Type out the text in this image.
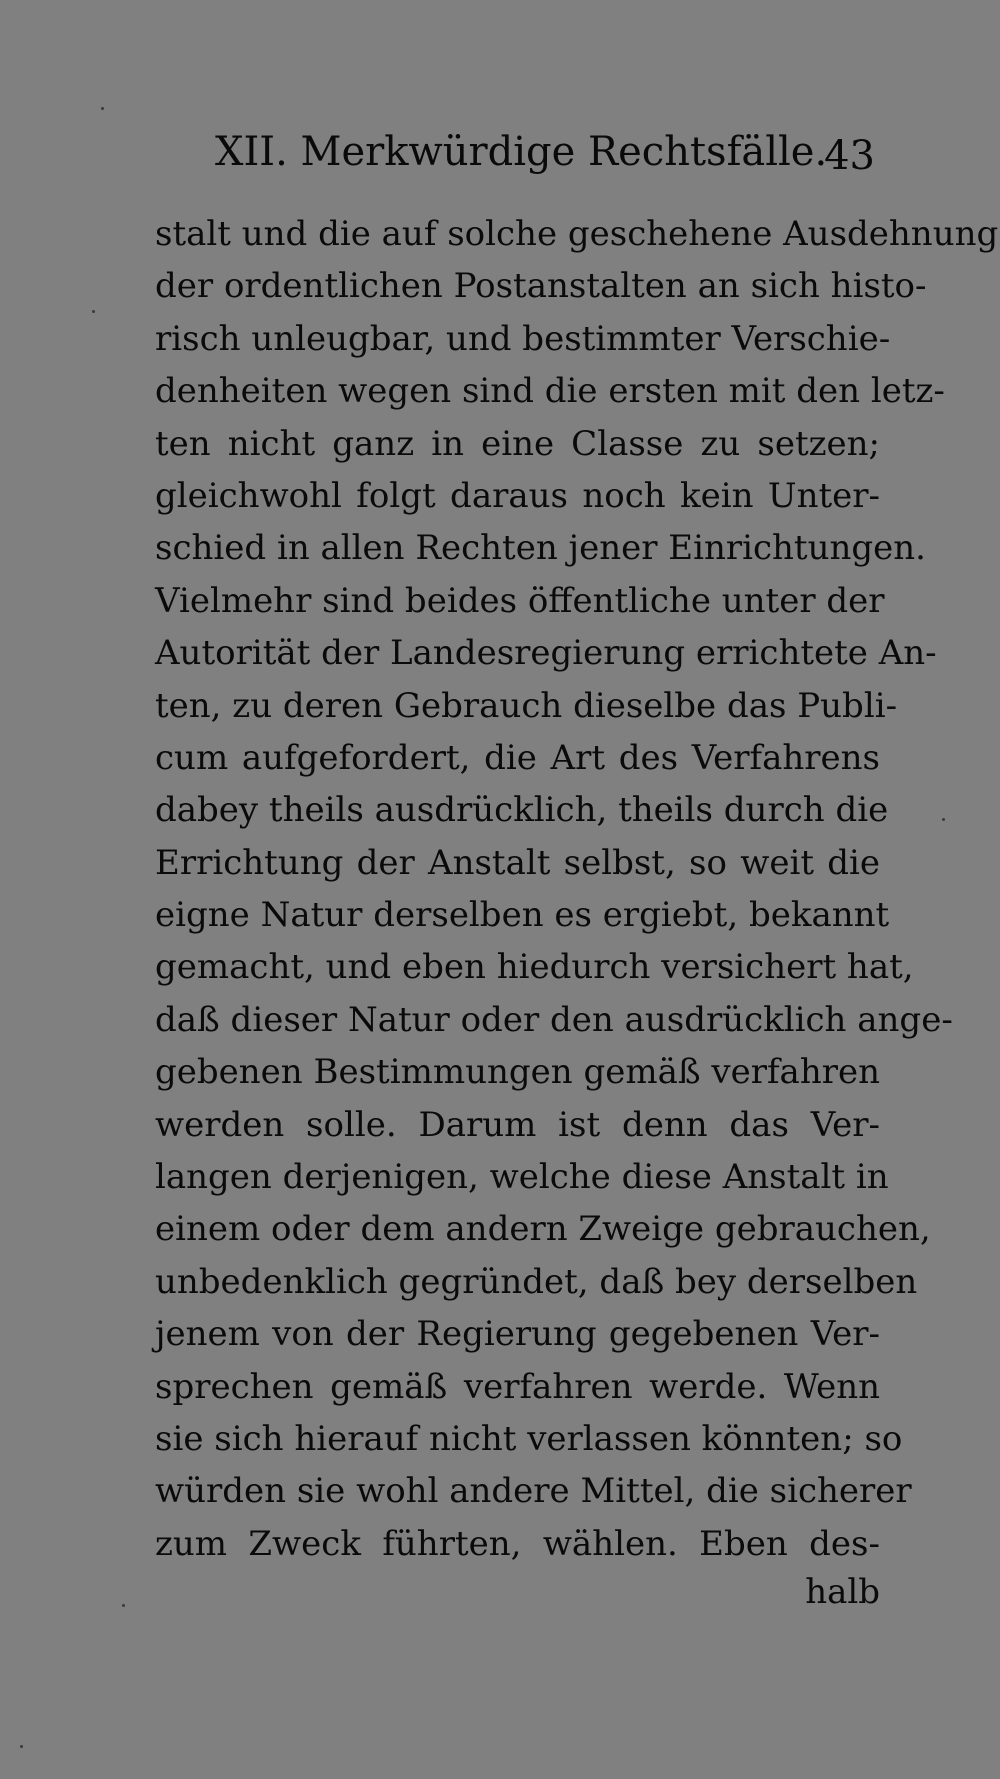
XII. Merkwürdige Rechtsfälle.
43
stalt und die auf solche geschehene Ausdehnung
der ordentlichen Postanstalten an sich histo-
risch unleugbar, und bestimmter Verschie-
denheiten wegen sind die ersten mit den letz-
ten nicht ganz in eine Classe zu setzen;
gleichwohl folgt daraus noch kein Unter-
schied in allen Rechten jener Einrichtungen.
Vielmehr sind beides öffentliche unter der
Autorität der Landesregierung errichtete An-
ten, zu deren Gebrauch dieselbe das Publi-
cum aufgefordert, die Art des Verfahrens
dabey theils ausdrücklich, theils durch die
Errichtung der Anstalt selbst, so weit die
eigne Natur derselben es ergiebt, bekannt
gemacht, und eben hiedurch versichert hat,
daß dieser Natur oder den ausdrücklich ange-
gebenen Bestimmungen gemäß verfahren
werden solle. Darum ist denn das Ver-
langen derjenigen, welche diese Anstalt in
einem oder dem andern Zweige gebrauchen,
unbedenklich gegründet, daß bey derselben
jenem von der Regierung gegebenen Ver-
sprechen gemäß verfahren werde. Wenn
sie sich hierauf nicht verlassen könnten; so
würden sie wohl andere Mittel, die sicherer
zum Zweck führten, wählen. Eben des-
halb
